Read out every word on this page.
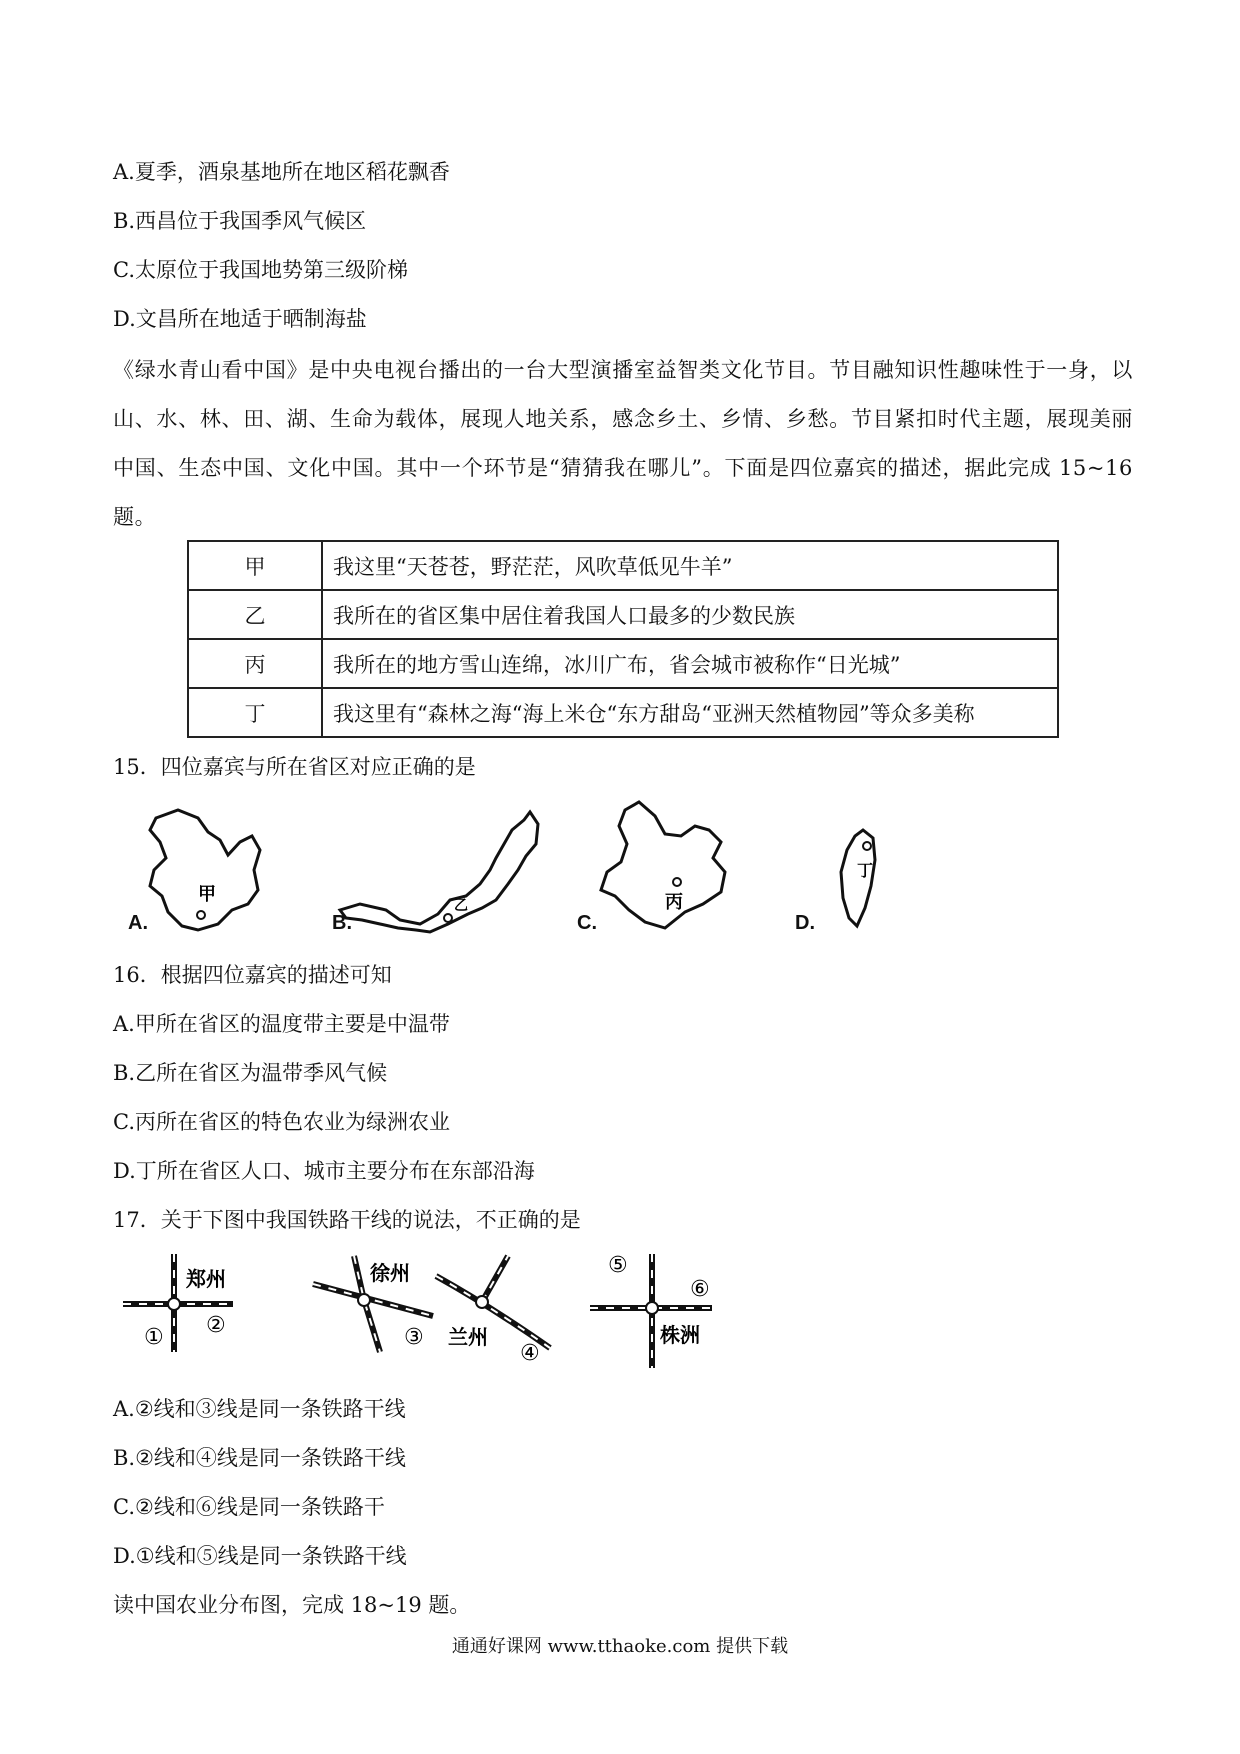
A.夏季，酒泉基地所在地区稻花飘香
B.西昌位于我国季风气候区
C.太原位于我国地势第三级阶梯
D.文昌所在地适于晒制海盐
《绿水青山看中国》是中央电视台播出的一台大型演播室益智类文化节目。节目融知识性趣味性于一身，以山、水、林、田、湖、生命为载体，展现人地关系，感念乡土、乡情、乡愁。节目紧扣时代主题，展现美丽中国、生态中国、文化中国。其中一个环节是“猜猜我在哪儿”。下面是四位嘉宾的描述，据此完成 15~16 题。
甲	我这里“天苍苍，野茫茫，风吹草低见牛羊”
乙	我所在的省区集中居住着我国人口最多的少数民族
丙	我所在的地方雪山连绵，冰川广布，省会城市被称作“日光城”
丁	我这里有“森林之海“海上米仓“东方甜岛“亚洲天然植物园”等众多美称
15．四位嘉宾与所在省区对应正确的是
甲
A.
乙
B.
丙
C.
丁
D.
16．根据四位嘉宾的描述可知
A.甲所在省区的温度带主要是中温带
B.乙所在省区为温带季风气候
C.丙所在省区的特色农业为绿洲农业
D.丁所在省区人口、城市主要分布在东部沿海
17．关于下图中我国铁路干线的说法，不正确的是
郑州
① ②
徐州
③ 兰州
④
⑤
⑥
株洲
A.②线和③线是同一条铁路干线
B.②线和④线是同一条铁路干线
C.②线和⑥线是同一条铁路干
D.①线和⑤线是同一条铁路干线
读中国农业分布图，完成 18~19 题。
通通好课网 www.tthaoke.com 提供下载
